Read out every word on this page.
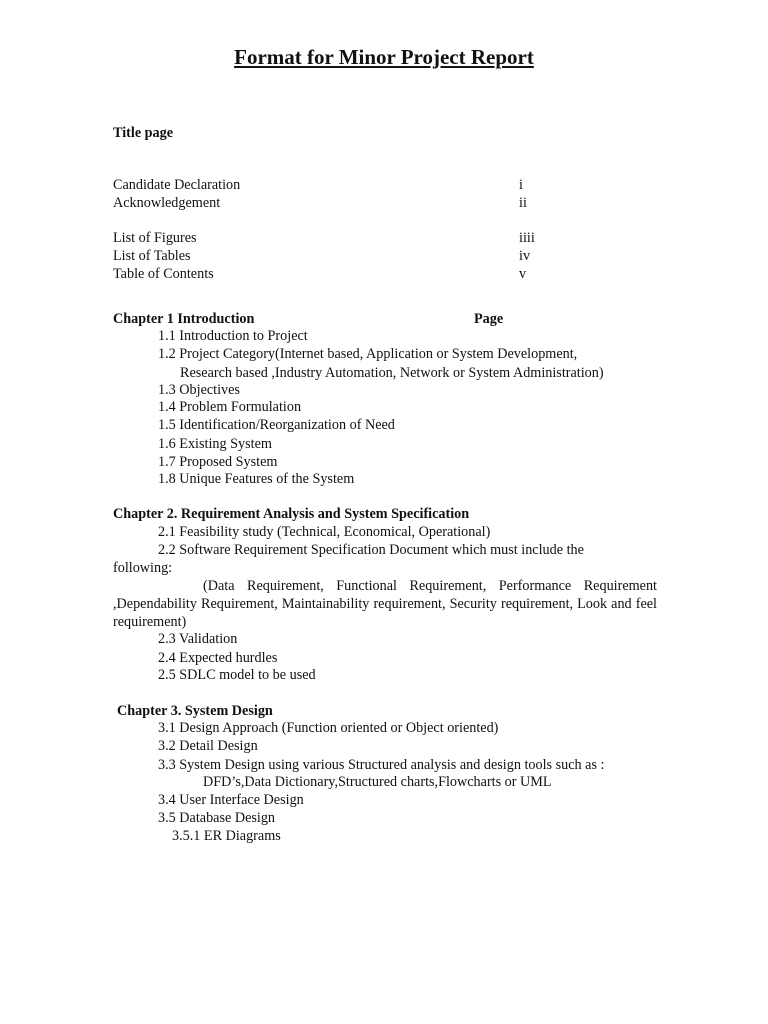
Format for Minor Project Report
Title page
Candidate Declaration	i
Acknowledgement	ii
List of Figures	iiii
List of Tables	iv
Table of Contents	v
Chapter 1 Introduction	Page
1.1 Introduction to Project
1.2 Project Category(Internet based, Application or System Development,
Research based ,Industry Automation, Network or System Administration)
1.3 Objectives
1.4 Problem Formulation
1.5 Identification/Reorganization of Need
1.6 Existing System
1.7 Proposed System
1.8 Unique Features of the System
Chapter 2. Requirement Analysis and System Specification
2.1 Feasibility study (Technical, Economical, Operational)
2.2 Software Requirement Specification Document which must include the
following:
(Data Requirement, Functional Requirement, Performance Requirement ,Dependability Requirement, Maintainability requirement, Security requirement, Look and feel requirement)
2.3 Validation
2.4 Expected hurdles
2.5 SDLC model to be used
Chapter 3. System Design
3.1 Design Approach (Function oriented or Object oriented)
3.2 Detail Design
3.3 System Design using various Structured analysis and design tools such as :
DFD’s,Data Dictionary,Structured charts,Flowcharts or UML
3.4 User Interface Design
3.5 Database Design
3.5.1 ER Diagrams
